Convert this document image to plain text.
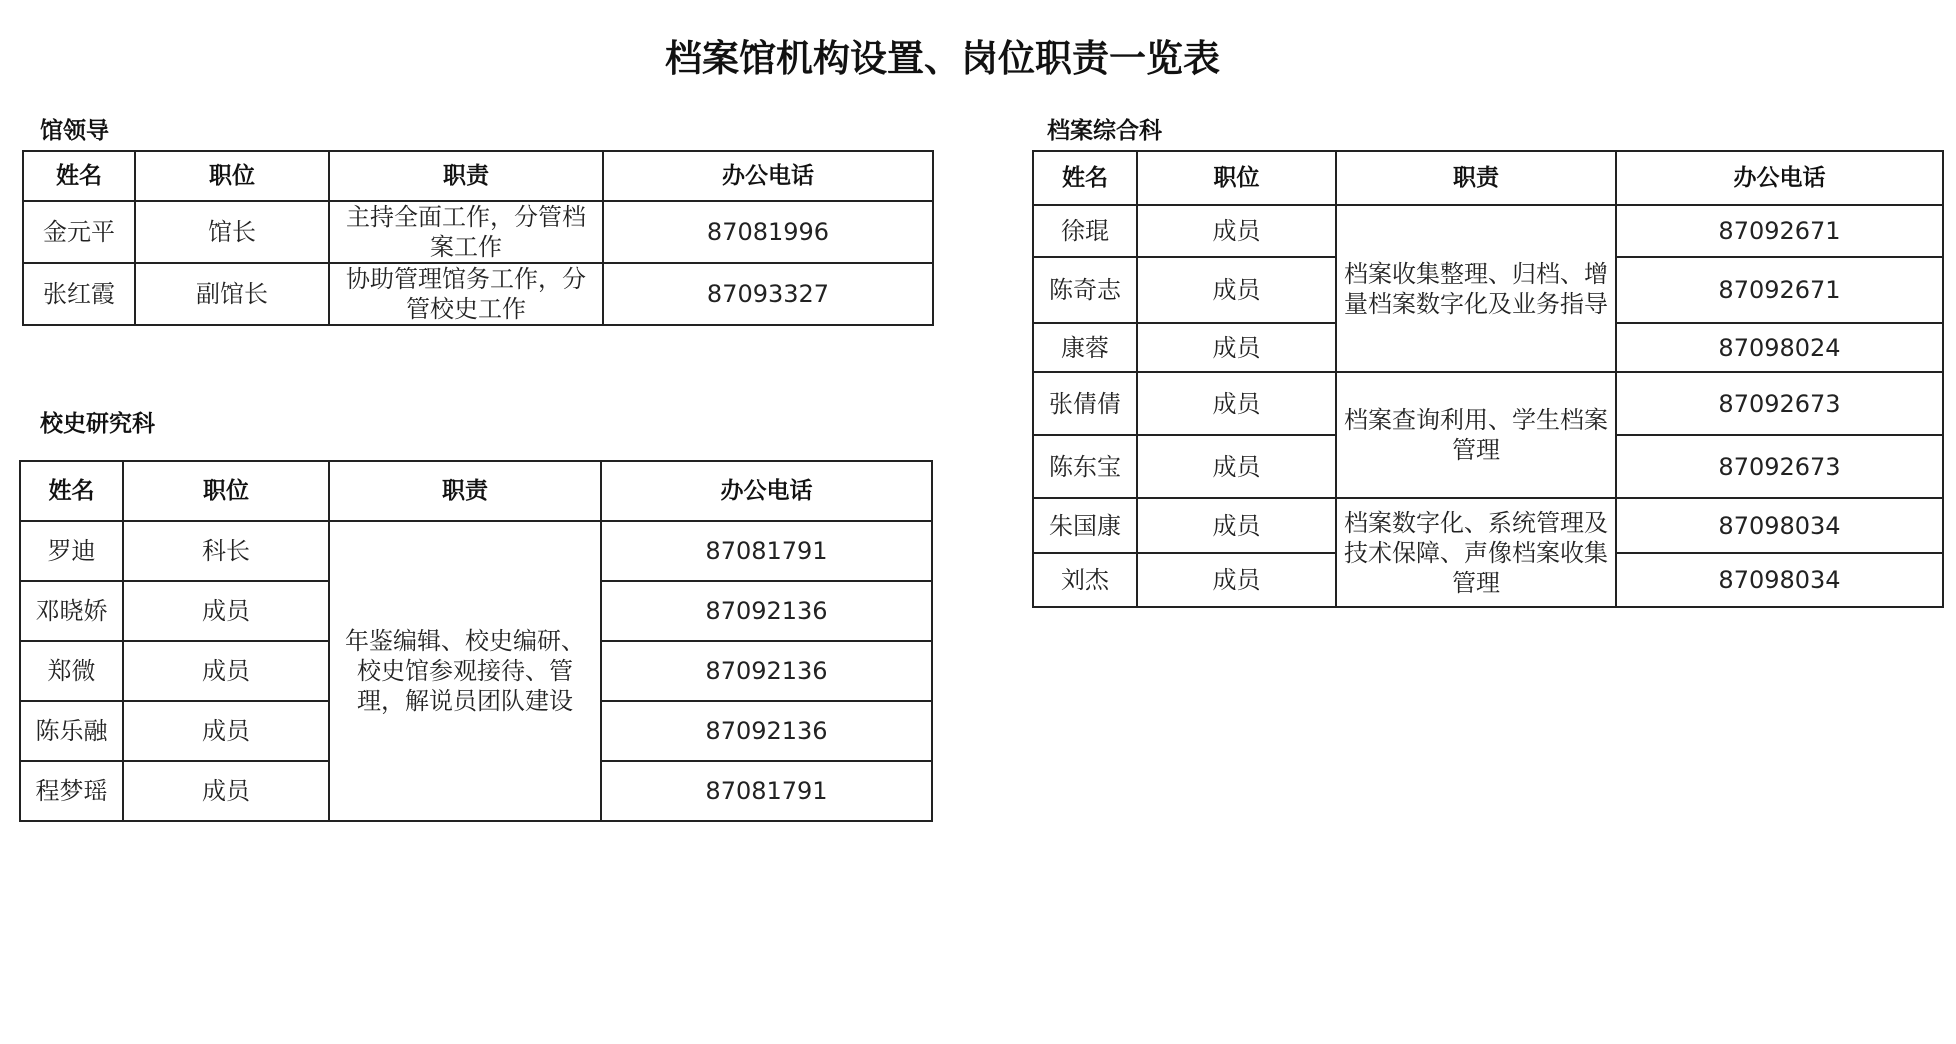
档案馆机构设置、岗位职责一览表
馆领导
姓名	职位	职责	办公电话
金元平	馆长	主持全面工作，分管档案工作	87081996
张红霞	副馆长	协助管理馆务工作，分管校史工作	87093327
校史研究科
姓名	职位	职责	办公电话
罗迪	科长	年鉴编辑、校史编研、校史馆参观接待、管理，解说员团队建设	87081791
邓晓娇	成员		87092136
郑微	成员		87092136
陈乐融	成员		87092136
程梦瑶	成员		87081791
档案综合科
姓名	职位	职责	办公电话
徐琨	成员	档案收集整理、归档、增量档案数字化及业务指导	87092671
陈奇志	成员		87092671
康蓉	成员		87098024
张倩倩	成员	档案查询利用、学生档案管理	87092673
陈东宝	成员		87092673
朱国康	成员	档案数字化、系统管理及技术保障、声像档案收集管理	87098034
刘杰	成员		87098034
